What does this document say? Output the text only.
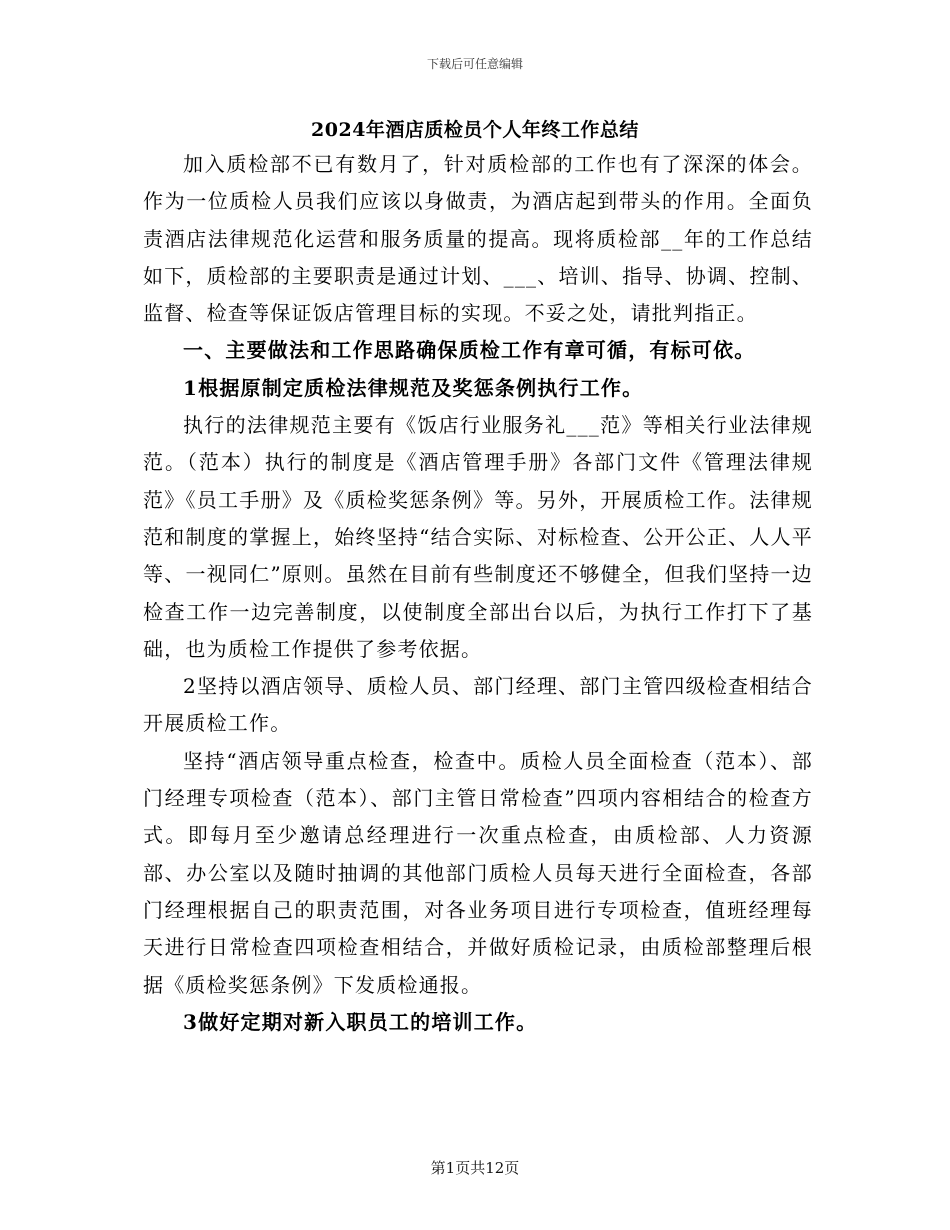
下载后可任意编辑
2024年酒店质检员个人年终工作总结

加入质检部不已有数月了，针对质检部的工作也有了深深的体会。作为一位质检人员我们应该以身做责，为酒店起到带头的作用。全面负责酒店法律规范化运营和服务质量的提高。现将质检部__年的工作总结如下，质检部的主要职责是通过计划、___、培训、指导、协调、控制、监督、检查等保证饭店管理目标的实现。不妥之处，请批判指正。

一、主要做法和工作思路确保质检工作有章可循，有标可依。

1根据原制定质检法律规范及奖惩条例执行工作。

执行的法律规范主要有《饭店行业服务礼___范》等相关行业法律规范。（范本）执行的制度是《酒店管理手册》各部门文件《管理法律规范》《员工手册》及《质检奖惩条例》等。另外，开展质检工作。法律规范和制度的掌握上，始终坚持“结合实际、对标检查、公开公正、人人平等、一视同仁”原则。虽然在目前有些制度还不够健全，但我们坚持一边检查工作一边完善制度，以使制度全部出台以后，为执行工作打下了基础，也为质检工作提供了参考依据。

2坚持以酒店领导、质检人员、部门经理、部门主管四级检查相结合开展质检工作。

坚持“酒店领导重点检查，检查中。质检人员全面检查（范本）、部门经理专项检查（范本）、部门主管日常检查”四项内容相结合的检查方式。即每月至少邀请总经理进行一次重点检查，由质检部、人力资源部、办公室以及随时抽调的其他部门质检人员每天进行全面检查，各部门经理根据自己的职责范围，对各业务项目进行专项检查，值班经理每天进行日常检查四项检查相结合，并做好质检记录，由质检部整理后根据《质检奖惩条例》下发质检通报。

3做好定期对新入职员工的培训工作。

第1页共12页
